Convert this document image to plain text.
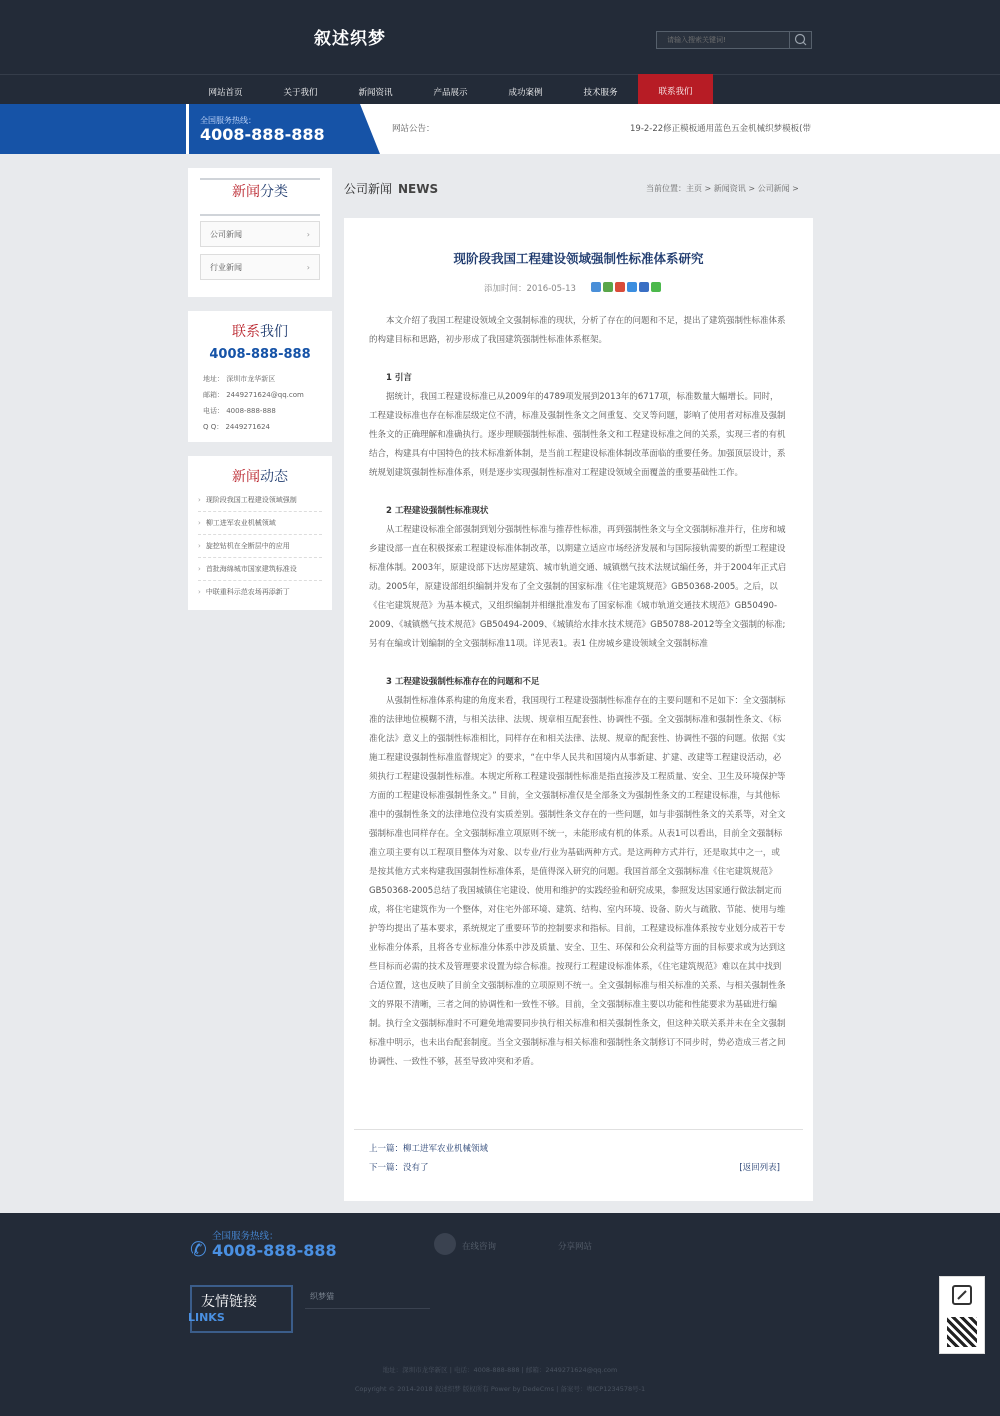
叙述织梦
请输入搜索关键词!
网站首页	关于我们	新闻资讯	产品展示	成功案例	技术服务	联系我们
全国服务热线：
4008-888-888	网站公告：	19-2-22修正模板通用蓝色五金机械织梦模板(带
新闻分类
›
公司新闻
›
行业新闻
联系我们
4008-888-888
地址： 深圳市龙华新区
邮箱： 2449271624@qq.com
电话： 4008-888-888
Q Q： 2449271624
新闻动态
› 现阶段我国工程建设领域强制
› 柳工进军农业机械领域
› 旋挖钻机在全断层中的应用
› 首批海绵城市国家建筑标准设
› 中联重科示范农场再添新丁
公司新闻 NEWS	当前位置：主页 > 新闻资讯 > 公司新闻 >
现阶段我国工程建设领域强制性标准体系研究
添加时间：2016-05-13

本文介绍了我国工程建设领域全文强制标准的现状，分析了存在的问题和不足，提出了建筑强制性标准体系的构建目标和思路，初步形成了我国建筑强制性标准体系框架。

1 引言

据统计，我国工程建设标准已从2009年的4789项发展到2013年的6717项，标准数量大幅增长。同时，工程建设标准也存在标准层级定位不清，标准及强制性条文之间重复、交叉等问题，影响了使用者对标准及强制性条文的正确理解和准确执行。逐步理顺强制性标准、强制性条文和工程建设标准之间的关系，实现三者的有机结合，构建具有中国特色的技术标准新体制，是当前工程建设标准体制改革面临的重要任务。加强顶层设计，系统规划建筑强制性标准体系，则是逐步实现强制性标准对工程建设领域全面覆盖的重要基础性工作。

2 工程建设强制性标准现状

从工程建设标准全部强制到划分强制性标准与推荐性标准，再到强制性条文与全文强制标准并行，住房和城乡建设部一直在积极探索工程建设标准体制改革，以期建立适应市场经济发展和与国际接轨需要的新型工程建设标准体制。2003年，原建设部下达房屋建筑、城市轨道交通、城镇燃气技术法规试编任务，并于2004年正式启动。2005年，原建设部组织编制并发布了全文强制的国家标准《住宅建筑规范》GB50368-2005。之后，以《住宅建筑规范》为基本模式，又组织编制并相继批准发布了国家标准《城市轨道交通技术规范》GB50490-2009、《城镇燃气技术规范》GB50494-2009、《城镇给水排水技术规范》GB50788-2012等全文强制的标准;另有在编或计划编制的全文强制标准11项。详见表1。表1 住房城乡建设领域全文强制标准

3 工程建设强制性标准存在的问题和不足

从强制性标准体系构建的角度来看，我国现行工程建设强制性标准存在的主要问题和不足如下：全文强制标准的法律地位模糊不清，与相关法律、法规、规章相互配套性、协调性不强。全文强制标准和强制性条文、《标准化法》意义上的强制性标准相比，同样存在和相关法律、法规、规章的配套性、协调性不强的问题。依据《实施工程建设强制性标准监督规定》的要求，“在中华人民共和国境内从事新建、扩建、改建等工程建设活动，必须执行工程建设强制性标准。本规定所称工程建设强制性标准是指直接涉及工程质量、安全、卫生及环境保护等方面的工程建设标准强制性条文。” 目前，全文强制标准仅是全部条文为强制性条文的工程建设标准，与其他标准中的强制性条文的法律地位没有实质差别。强制性条文存在的一些问题，如与非强制性条文的关系等，对全文强制标准也同样存在。全文强制标准立项原则不统一，未能形成有机的体系。从表1可以看出，目前全文强制标准立项主要有以工程项目整体为对象、以专业/行业为基础两种方式。是这两种方式并行，还是取其中之一，或是按其他方式来构建我国强制性标准体系，是值得深入研究的问题。我国首部全文强制标准《住宅建筑规范》GB50368-2005总结了我国城镇住宅建设、使用和维护的实践经验和研究成果，参照发达国家通行做法制定而成，将住宅建筑作为一个整体，对住宅外部环境、建筑、结构、室内环境、设备、防火与疏散、节能、使用与维护等均提出了基本要求，系统规定了重要环节的控制要求和指标。目前，工程建设标准体系按专业划分成若干专业标准分体系，且将各专业标准分体系中涉及质量、安全、卫生、环保和公众利益等方面的目标要求或为达到这些目标而必需的技术及管理要求设置为综合标准。按现行工程建设标准体系，《住宅建筑规范》难以在其中找到合适位置，这也反映了目前全文强制标准的立项原则不统一。全文强制标准与相关标准的关系、与相关强制性条文的界限不清晰，三者之间的协调性和一致性不够。目前，全文强制标准主要以功能和性能要求为基础进行编制。执行全文强制标准时不可避免地需要同步执行相关标准和相关强制性条文，但这种关联关系并未在全文强制标准中明示，也未出台配套制度。当全文强制标准与相关标准和强制性条文制修订不同步时，势必造成三者之间协调性、一致性不够，甚至导致冲突和矛盾。

上一篇：柳工进军农业机械领域
下一篇：没有了	[返回列表]
✆
全国服务热线：
4008-888-888	在线咨询	分享网站
友情链接
LINKS
织梦猫
地址：深圳市龙华新区 | 电话：4008-888-888 | 邮箱：2449271624@qq.com
Copyright © 2014-2018 叙述织梦 版权所有 Power by DedeCms | 备案号：粤ICP1234578号-1
